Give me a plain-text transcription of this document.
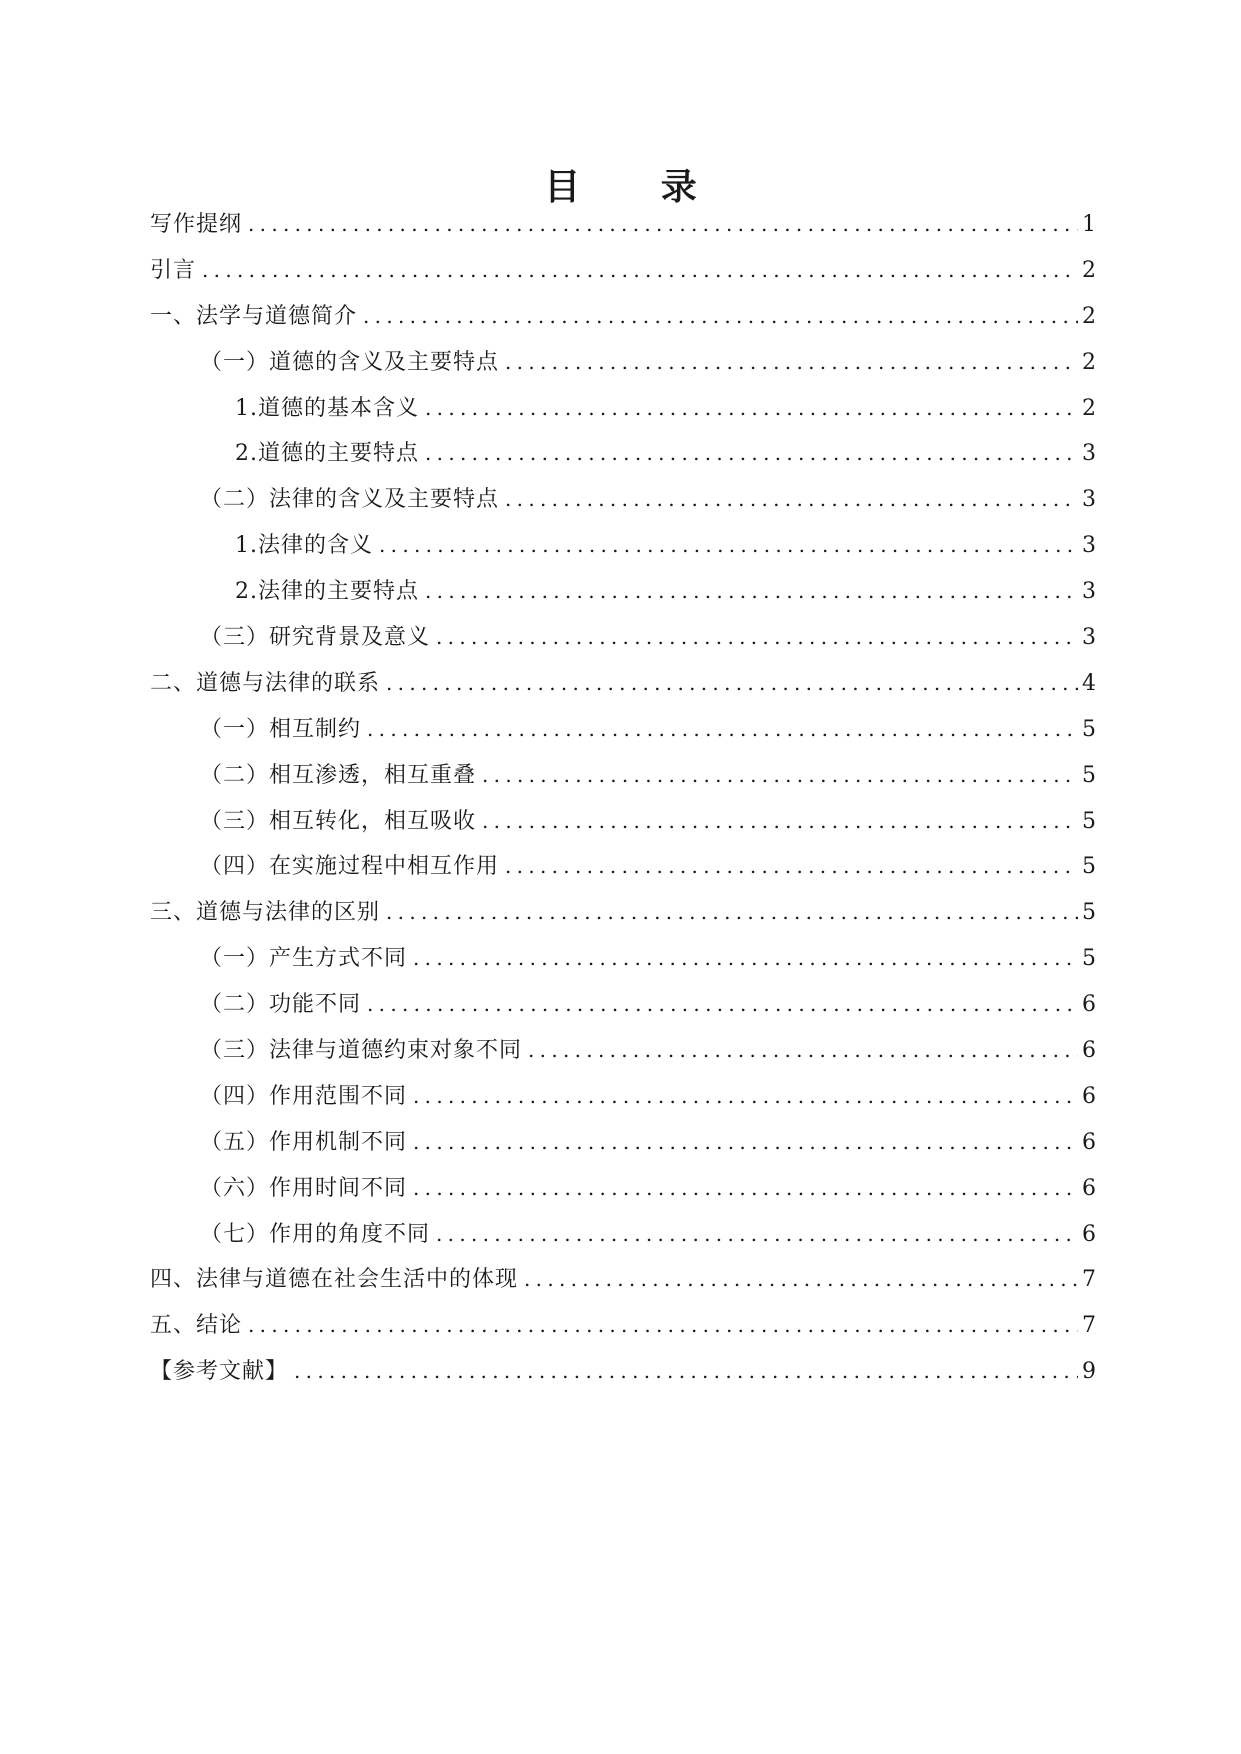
目 录
写作提纲 .....	1
引言 .....	2
一、法学与道德简介 .....	2
（一）道德的含义及主要特点 .....	2
1.道德的基本含义 .....	2
2.道德的主要特点 .....	3
（二）法律的含义及主要特点 .....	3
1.法律的含义 .....	3
2.法律的主要特点 .....	3
（三）研究背景及意义 .....	3
二、道德与法律的联系 .....	4
（一）相互制约 .....	5
（二）相互渗透，相互重叠 .....	5
（三）相互转化，相互吸收 .....	5
（四）在实施过程中相互作用 .....	5
三、道德与法律的区别 .....	5
（一）产生方式不同 .....	5
（二）功能不同 .....	6
（三）法律与道德约束对象不同 .....	6
（四）作用范围不同 .....	6
（五）作用机制不同 .....	6
（六）作用时间不同 .....	6
（七）作用的角度不同 .....	6
四、法律与道德在社会生活中的体现 .....	7
五、结论 .....	7
【参考文献】 .....	9
